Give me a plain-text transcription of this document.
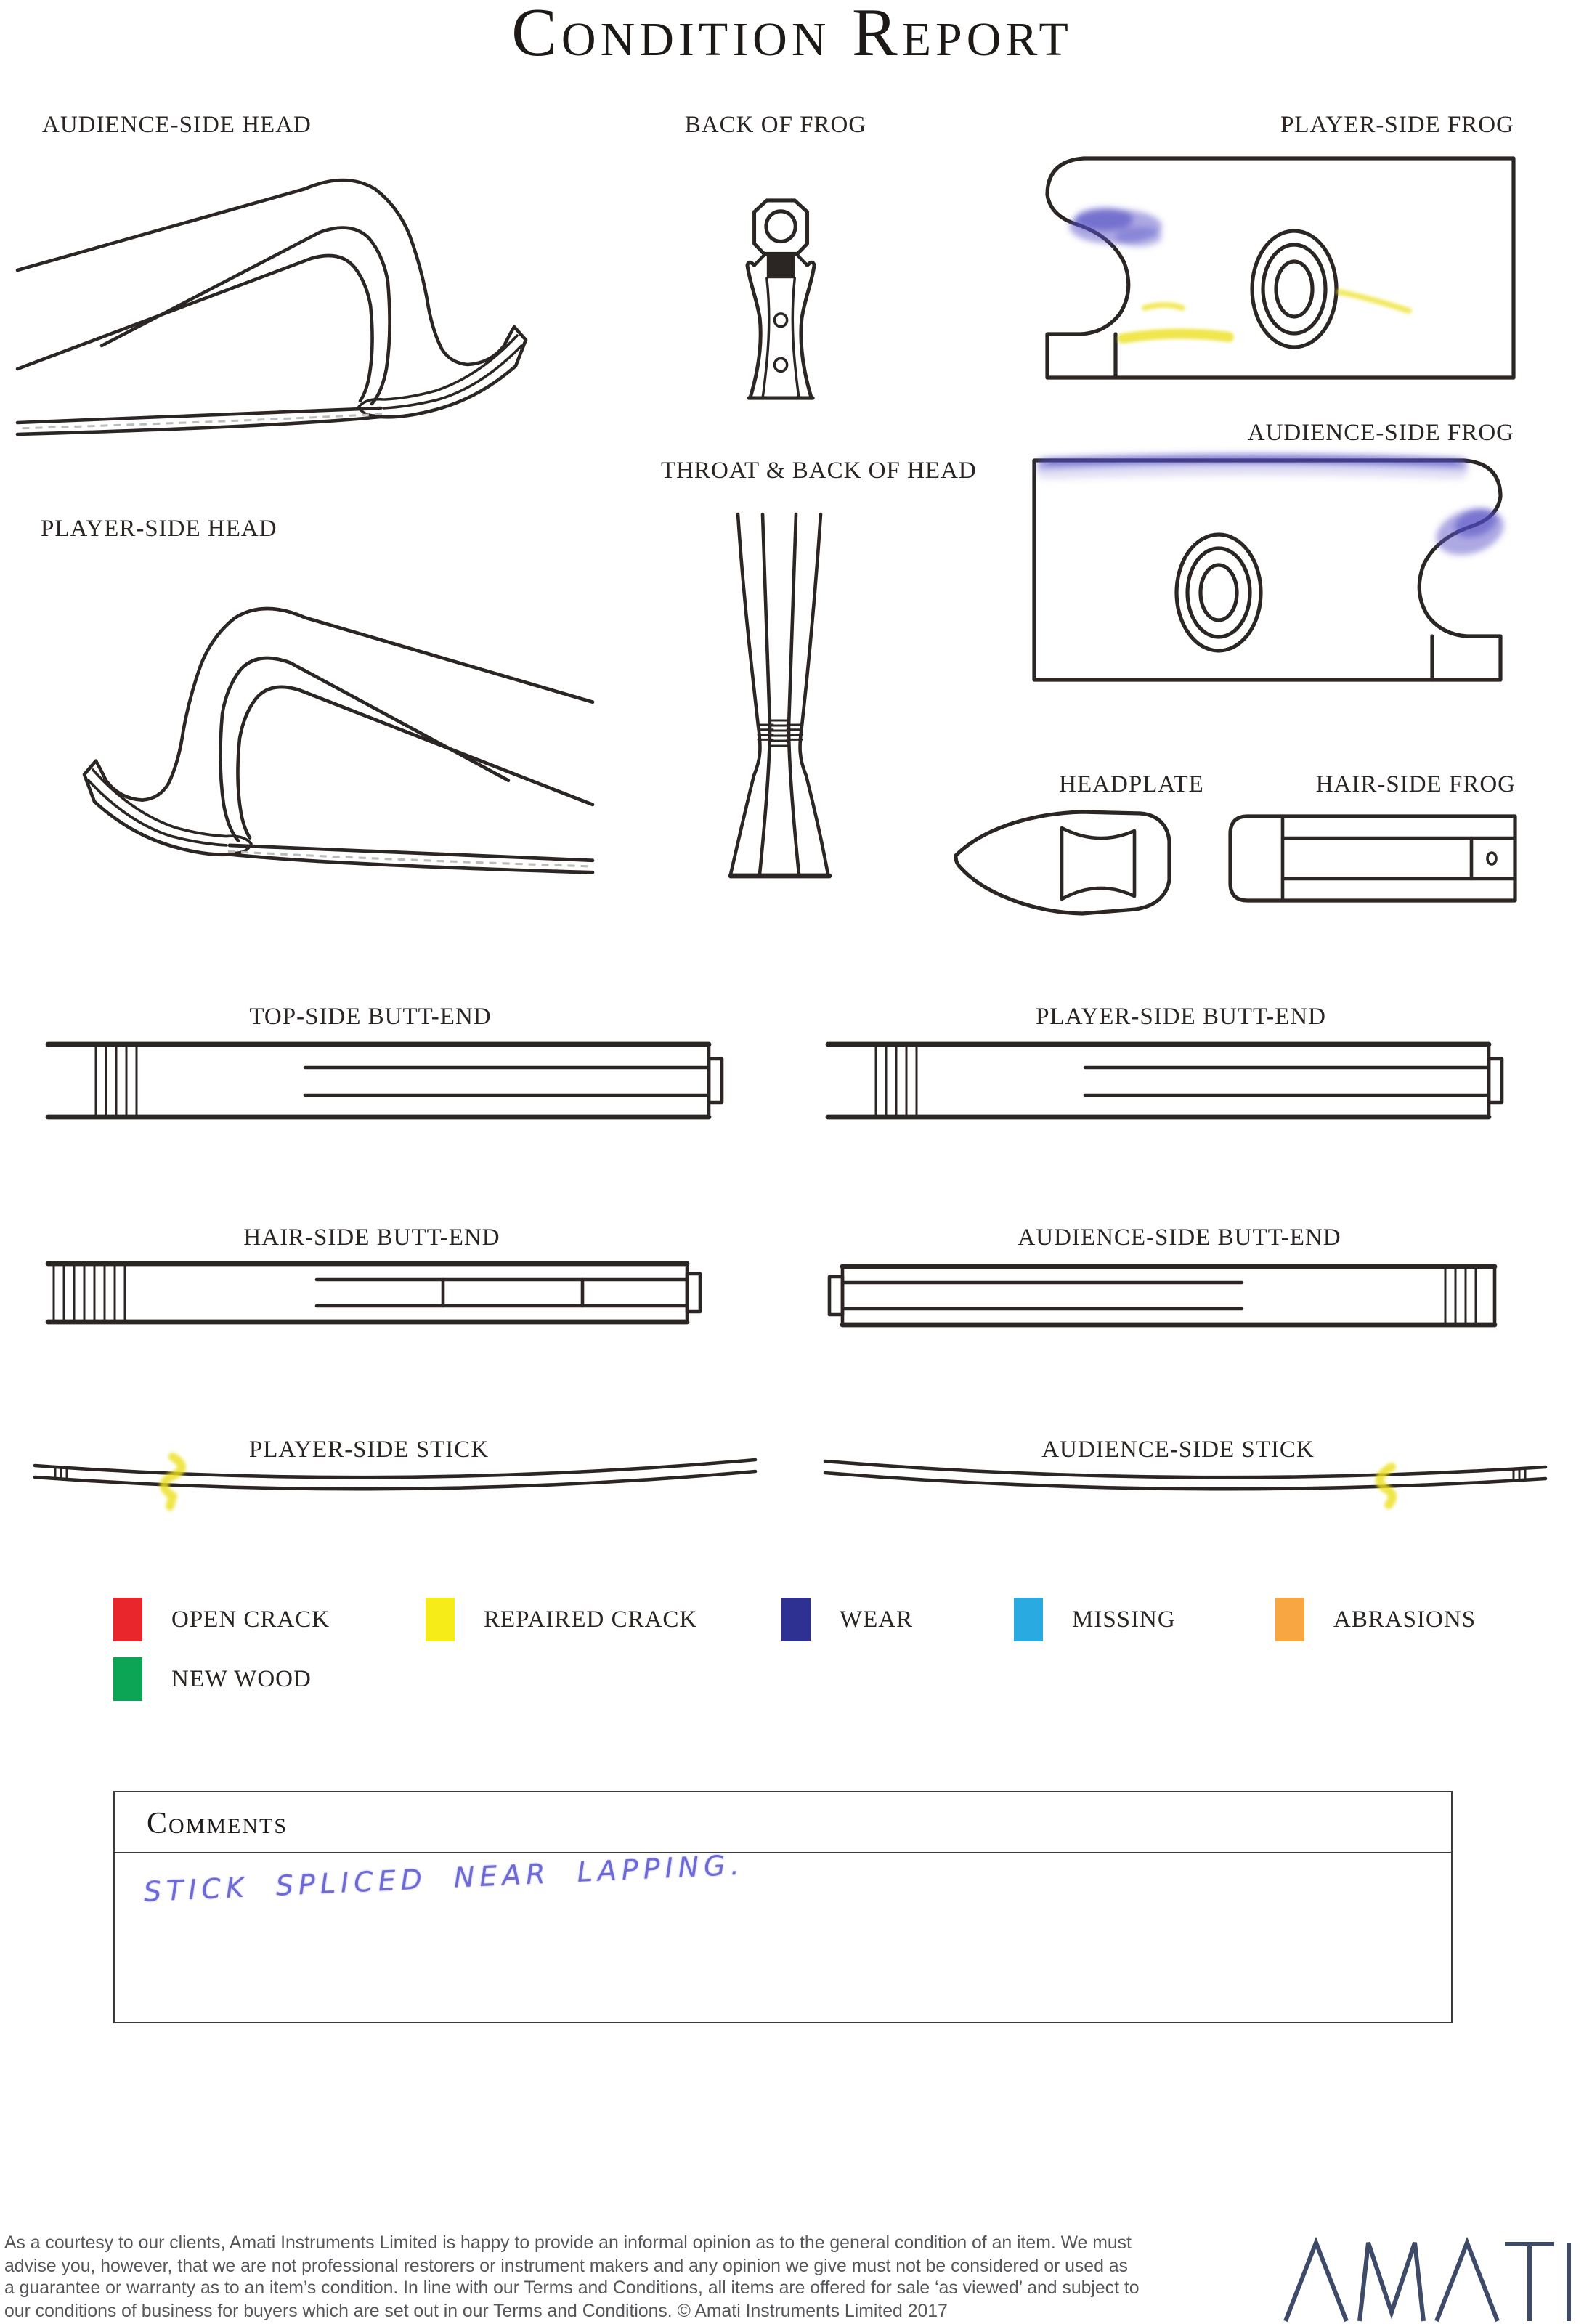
Condition Report
AUDIENCE-SIDE HEAD	BACK OF FROG	PLAYER-SIDE FROG
AUDIENCE-SIDE FROG
PLAYER-SIDE HEAD
THROAT & BACK OF HEAD
HEADPLATE	HAIR-SIDE FROG
TOP-SIDE BUTT-END	PLAYER-SIDE BUTT-END
HAIR-SIDE BUTT-END	AUDIENCE-SIDE BUTT-END
PLAYER-SIDE STICK	AUDIENCE-SIDE STICK
OPEN CRACK	REPAIRED CRACK	WEAR	MISSING	ABRASIONS
NEW WOOD
Comments
STICK SPLICED NEAR LAPPING.
As a courtesy to our clients, Amati Instruments Limited is happy to provide an informal opinion as to the general condition of an item. We must
advise you, however, that we are not professional restorers or instrument makers and any opinion we give must not be considered or used as
a guarantee or warranty as to an item’s condition. In line with our Terms and Conditions, all items are offered for sale ‘as viewed’ and subject to
our conditions of business for buyers which are set out in our Terms and Conditions. © Amati Instruments Limited 2017
